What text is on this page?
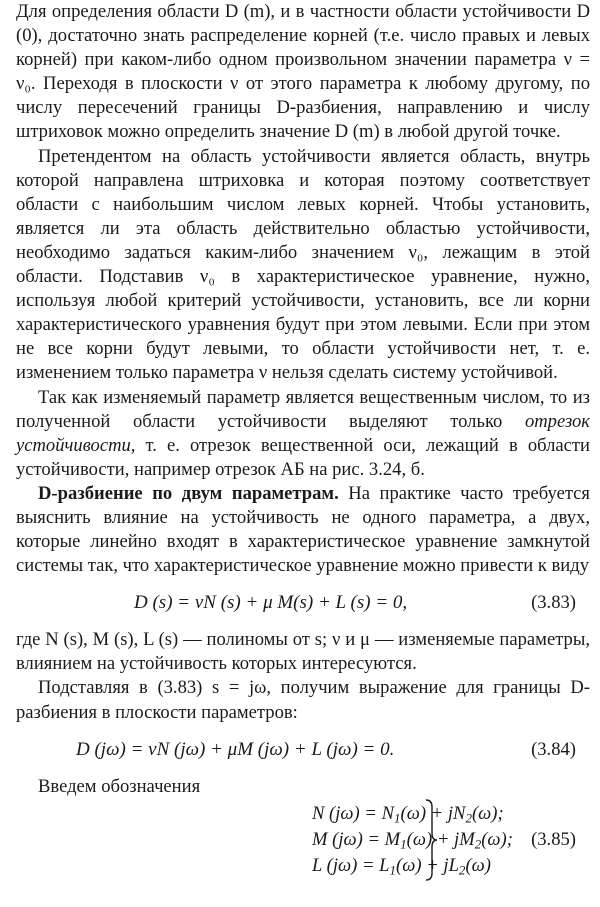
Для определения области D (m), и в частности области устойчивости D (0), достаточно знать распределение корней (т.е. число правых и левых корней) при каком-либо одном произвольном значении параметра ν = ν₀. Переходя в плоскости ν от этого параметра к любому другому, по числу пересечений границы D-разбиения, направлению и числу штриховок можно определить значение D (m) в любой другой точке.

Претендентом на область устойчивости является область, внутрь которой направлена штриховка и которая поэтому соответствует области с наибольшим числом левых корней. Чтобы установить, является ли эта область действительно областью устойчивости, необходимо задаться каким-либо значением ν₀, лежащим в этой области. Подставив ν₀ в характеристическое уравнение, нужно, используя любой критерий устойчивости, установить, все ли корни характеристического уравнения будут при этом левыми. Если при этом не все корни будут левыми, то области устойчивости нет, т. е. изменением только параметра ν нельзя сделать систему устойчивой.

Так как изменяемый параметр является вещественным числом, то из полученной области устойчивости выделяют только отрезок устойчивости, т. е. отрезок вещественной оси, лежащий в области устойчивости, например отрезок АБ на рис. 3.24, б.

D-разбиение по двум параметрам. На практике часто требуется выяснить влияние на устойчивость не одного параметра, а двух, которые линейно входят в характеристическое уравнение замкнутой системы так, что характеристическое уравнение можно привести к виду

D (s) = νN (s) + μ M(s) + L (s) = 0,	(3.83)

где N (s), M (s), L (s) — полиномы от s; ν и μ — изменяемые параметры, влиянием на устойчивость которых интересуются.

Подставляя в (3.83) s = jω, получим выражение для границы D-разбиения в плоскости параметров:

D (jω) = νN (jω) + μM (jω) + L (jω) = 0.	(3.84)

Введем обозначения

N $(j\omega) = N_1(\omega) + jN_2(\omega)$;
M $(j\omega) = M_1(\omega) + jM_2(\omega)$;
L $(j\omega) = L_1(\omega) + jL_2(\omega)$
(3.85)
